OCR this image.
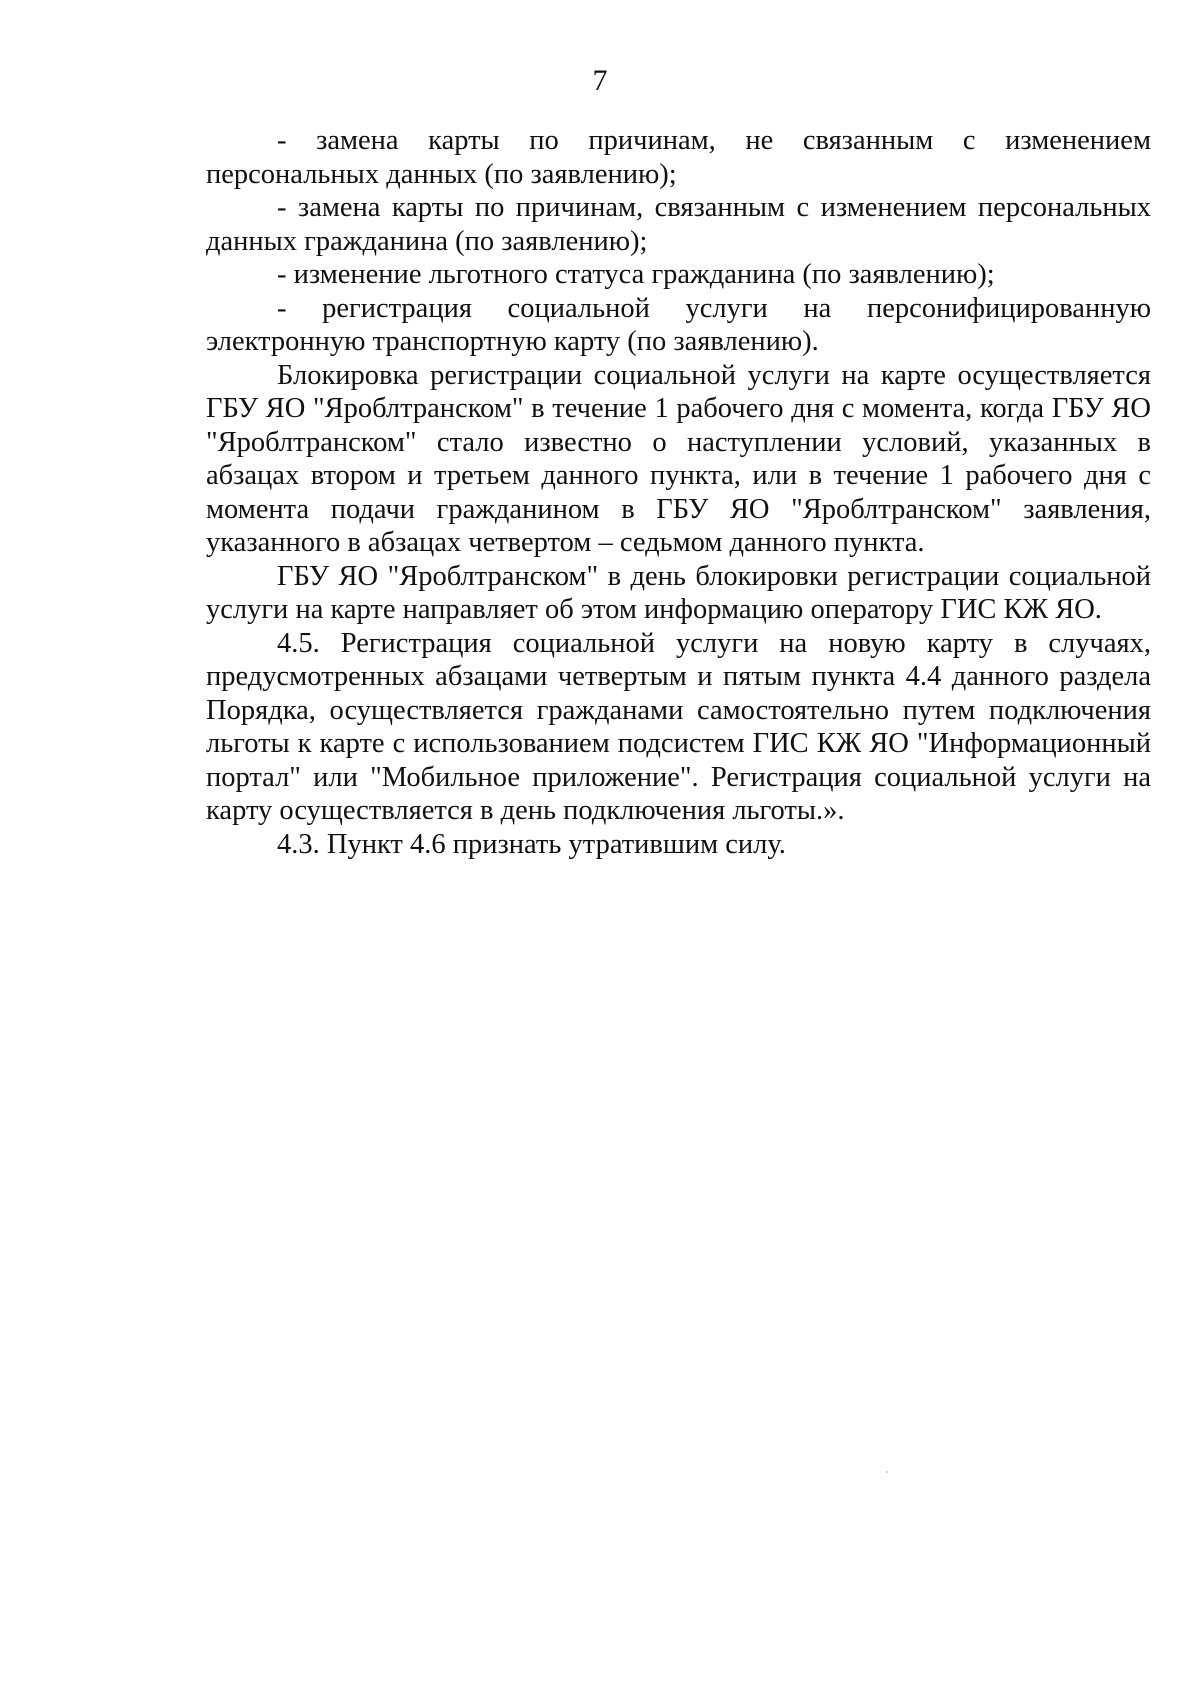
7

- замена карты по причинам, не связанным с изменением персональных данных (по заявлению);

- замена карты по причинам, связанным с изменением персональных данных гражданина (по заявлению);

- изменение льготного статуса гражданина (по заявлению);

- регистрация социальной услуги на персонифицированную

электронную транспортную карту (по заявлению).

Блокировка регистрации социальной услуги на карте осуществляется ГБУ ЯО "Яроблтранском" в течение 1 рабочего дня с момента, когда ГБУ ЯО "Яроблтранском" стало известно о наступлении условий, указанных в абзацах втором и третьем данного пункта, или в течение 1 рабочего дня с момента подачи гражданином в ГБУ ЯО "Яроблтранском" заявления, указанного в абзацах четвертом – седьмом данного пункта.

ГБУ ЯО "Яроблтранском" в день блокировки регистрации социальной услуги на карте направляет об этом информацию оператору ГИС КЖ ЯО.

4.5. Регистрация социальной услуги на новую карту в случаях, предусмотренных абзацами четвертым и пятым пункта 4.4 данного раздела Порядка, осуществляется гражданами самостоятельно путем подключения льготы к карте с использованием подсистем ГИС КЖ ЯО "Информационный портал" или "Мобильное приложение". Регистрация социальной услуги на карту осуществляется в день подключения льготы.».

4.3. Пункт 4.6 признать утратившим силу.
